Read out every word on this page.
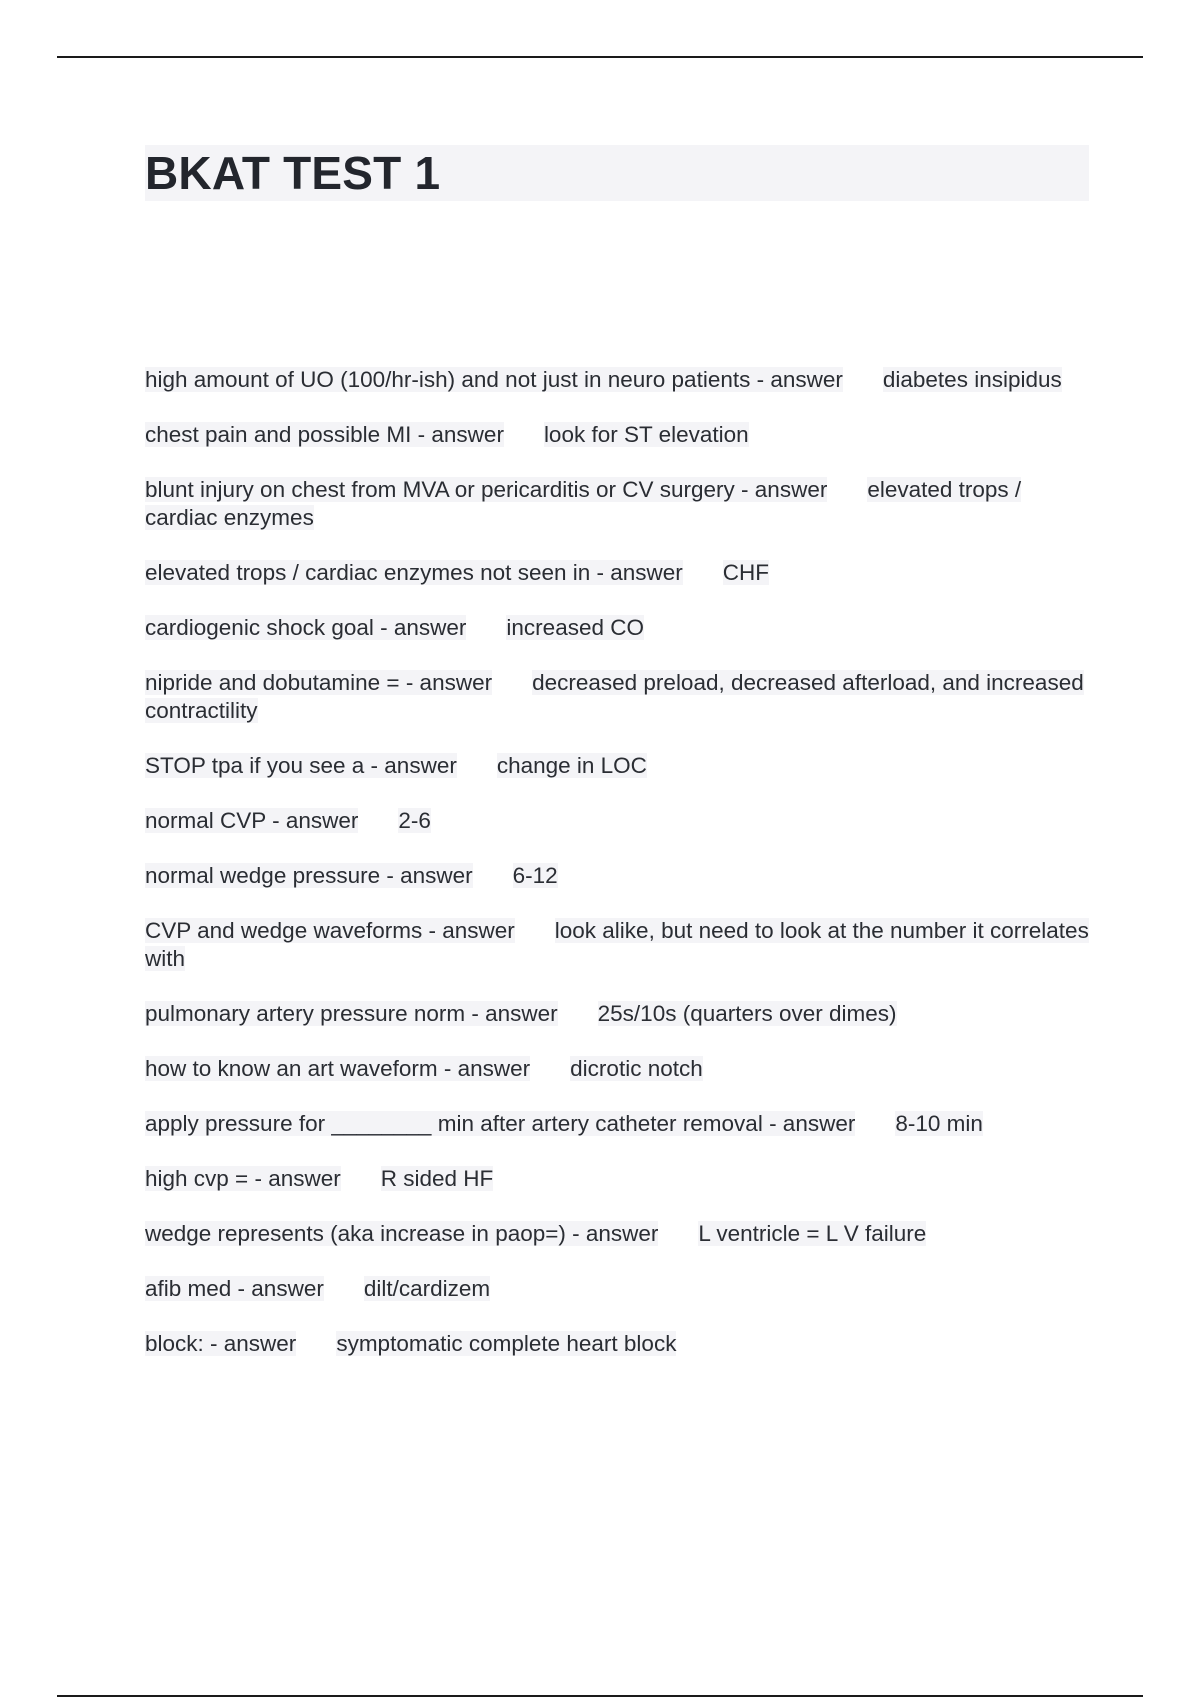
BKAT TEST 1
high amount of UO (100/hr-ish) and not just in neuro patients - answer diabetes insipidus
chest pain and possible MI - answer look for ST elevation
blunt injury on chest from MVA or pericarditis or CV surgery - answer elevated trops / cardiac enzymes
elevated trops / cardiac enzymes not seen in - answer CHF
cardiogenic shock goal - answer increased CO
nipride and dobutamine = - answer decreased preload, decreased afterload, and increased contractility
STOP tpa if you see a - answer change in LOC
normal CVP - answer 2-6
normal wedge pressure - answer 6-12
CVP and wedge waveforms - answer look alike, but need to look at the number it correlates with
pulmonary artery pressure norm - answer 25s/10s (quarters over dimes)
how to know an art waveform - answer dicrotic notch
apply pressure for ________ min after artery catheter removal - answer 8-10 min
high cvp = - answer R sided HF
wedge represents (aka increase in paop=) - answer L ventricle = L V failure
afib med - answer dilt/cardizem
block: - answer symptomatic complete heart block
